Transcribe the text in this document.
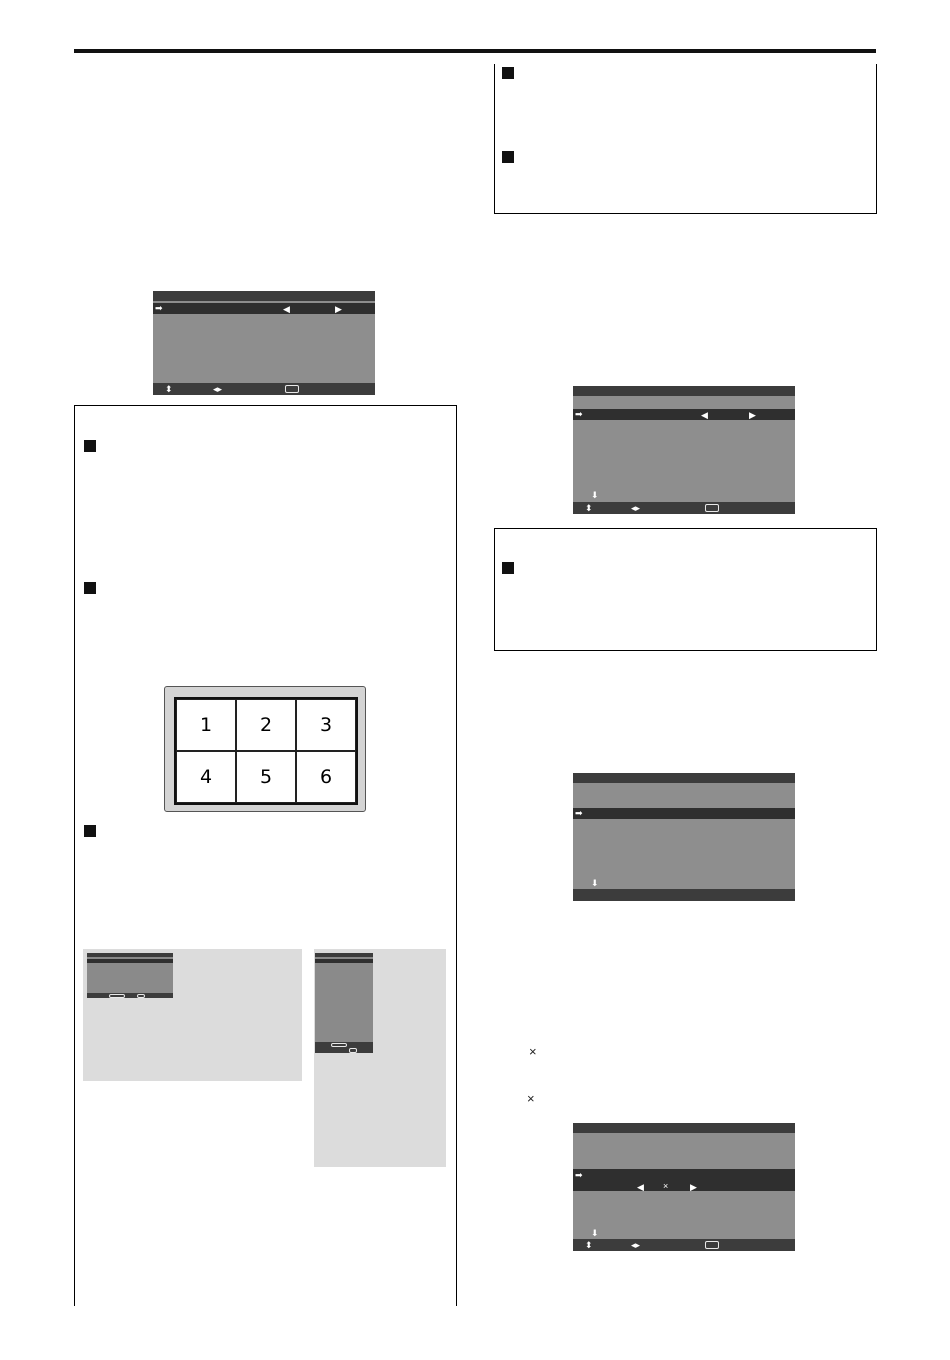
➡	◀	▶
⬍	◂▸
1	2	3
4	5	6
➡	◀	▶
⬇
⬍	◂▸
➡
⬇
×
×
➡
◀ × ▶
⬇
⬍	◂▸
